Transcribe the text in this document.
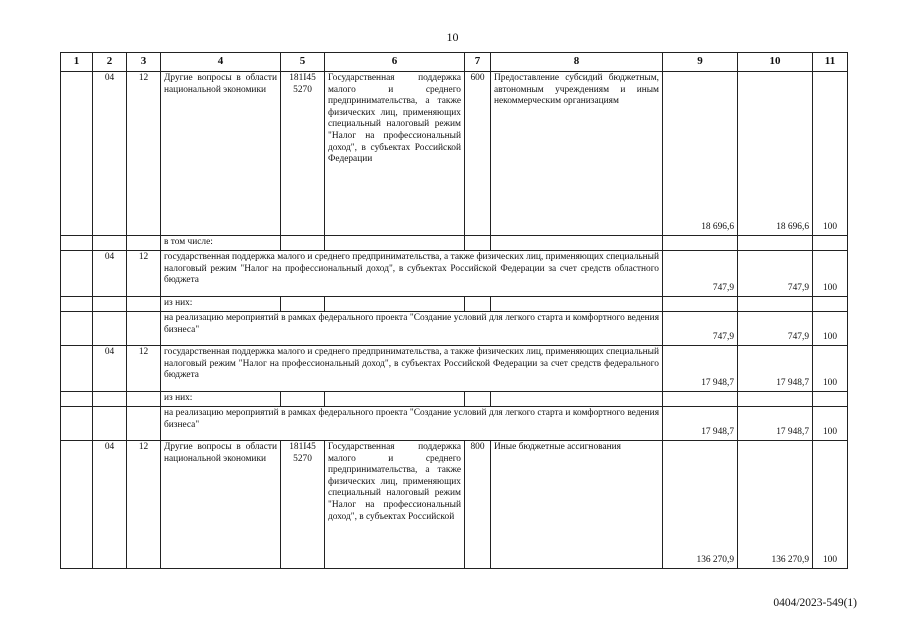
10
1	2	3	4	5	6	7	8	9	10	11
	04	12	Другие вопросы в области национальной экономики	181I45 5270	Государственная поддержка малого и среднего предпринимательства, а также физических лиц, применяющих специальный налоговый режим "Налог на профессиональный доход", в субъектах Российской Федерации	600	Предоставление субсидий бюджетным, автономным учреждениям и иным некоммерческим организациям	18 696,6	18 696,6	100
			в том числе:							
	04	12	государственная поддержка малого и среднего предпринимательства, а также физических лиц, применяющих специальный налоговый режим "Налог на профессиональный доход", в субъектах Российской Федерации за счет средств областного бюджета					747,9	747,9	100
			из них:							
			на реализацию мероприятий в рамках федерального проекта "Создание условий для легкого старта и комфортного ведения бизнеса"					747,9	747,9	100
	04	12	государственная поддержка малого и среднего предпринимательства, а также физических лиц, применяющих специальный налоговый режим "Налог на профессиональный доход", в субъектах Российской Федерации за счет средств федерального бюджета					17 948,7	17 948,7	100
			из них:							
			на реализацию мероприятий в рамках федерального проекта "Создание условий для легкого старта и комфортного ведения бизнеса"					17 948,7	17 948,7	100
	04	12	Другие вопросы в области национальной экономики	181I45 5270	Государственная поддержка малого и среднего предпринимательства, а также физических лиц, применяющих специальный налоговый режим "Налог на профессиональный доход", в субъектах Российской	800	Иные бюджетные ассигнования	136 270,9	136 270,9	100
0404/2023-549(1)
